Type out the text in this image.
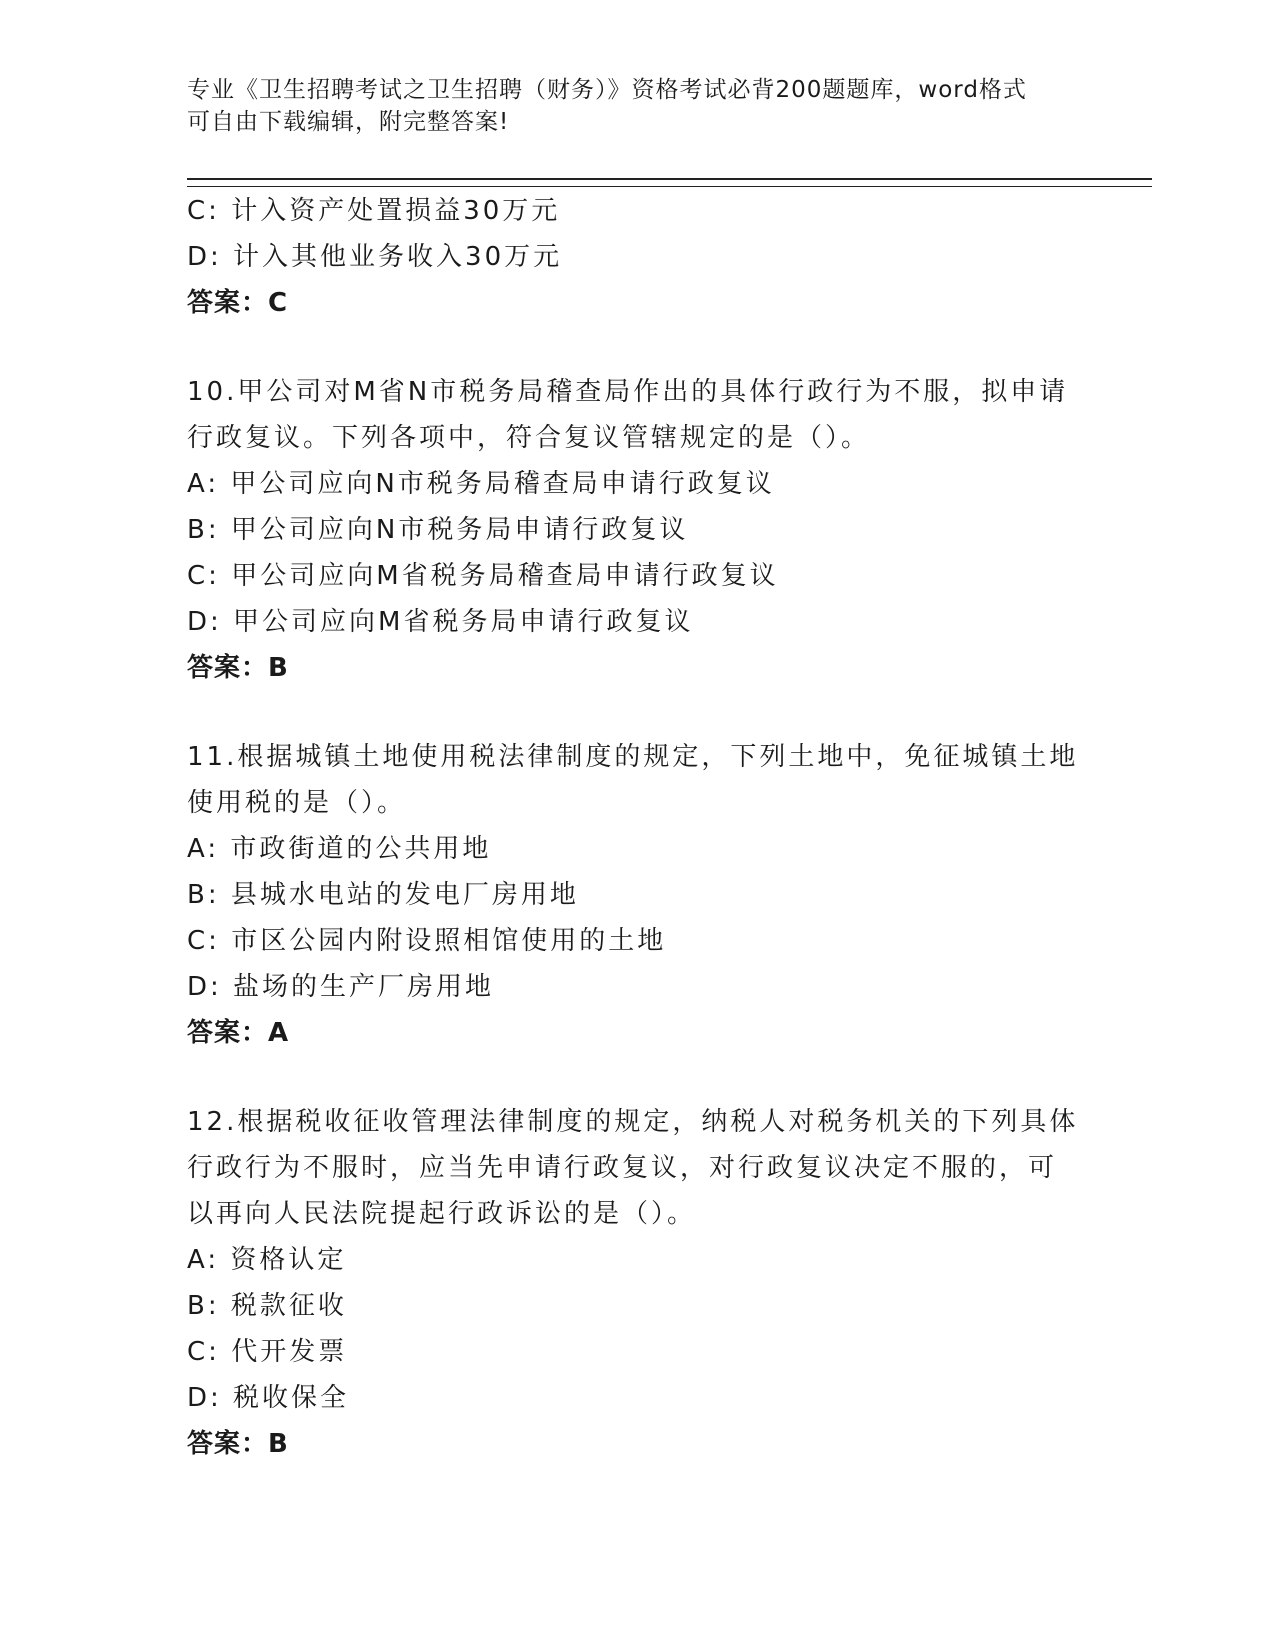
专业《卫生招聘考试之卫生招聘（财务）》资格考试必背200题题库，word格式
可自由下载编辑，附完整答案!
C: 计入资产处置损益30万元
D: 计入其他业务收入30万元
答案：C
10.甲公司对M省N市税务局稽查局作出的具体行政行为不服，拟申请
行政复议。下列各项中，符合复议管辖规定的是（）。
A: 甲公司应向N市税务局稽查局申请行政复议
B: 甲公司应向N市税务局申请行政复议
C: 甲公司应向M省税务局稽查局申请行政复议
D: 甲公司应向M省税务局申请行政复议
答案：B
11.根据城镇土地使用税法律制度的规定，下列土地中，免征城镇土地
使用税的是（）。
A: 市政街道的公共用地
B: 县城水电站的发电厂房用地
C: 市区公园内附设照相馆使用的土地
D: 盐场的生产厂房用地
答案：A
12.根据税收征收管理法律制度的规定，纳税人对税务机关的下列具体
行政行为不服时，应当先申请行政复议，对行政复议决定不服的，可
以再向人民法院提起行政诉讼的是（）。
A: 资格认定
B: 税款征收
C: 代开发票
D: 税收保全
答案：B
